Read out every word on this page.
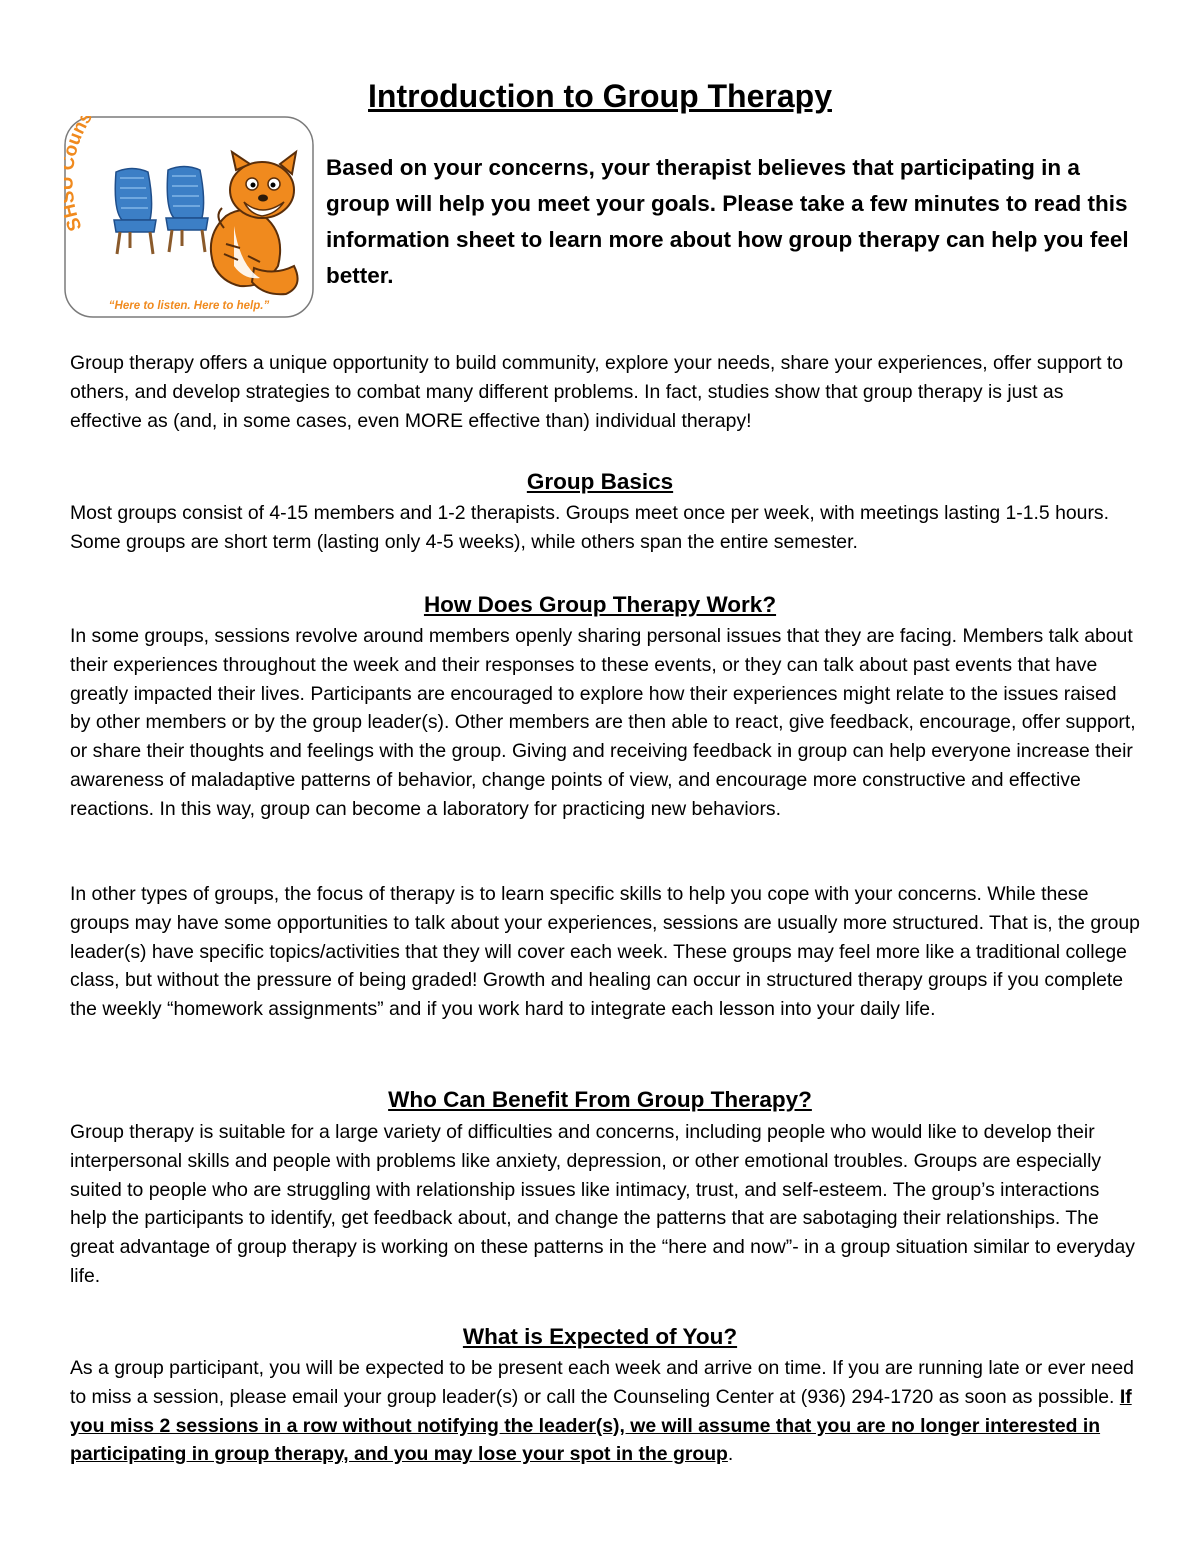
Introduction to Group Therapy
S uns
“Here to listen. Here to help.”

Based on your concerns, your therapist believes that participating in a group will help you meet your goals. Please take a few minutes to read this information sheet to learn more about how group therapy can help you feel better.

Group therapy offers a unique opportunity to build community, explore your needs, share your experiences, offer support to others, and develop strategies to combat many different problems. In fact, studies show that group therapy is just as effective as (and, in some cases, even MORE effective than) individual therapy!

Group Basics

Most groups consist of 4-15 members and 1-2 therapists. Groups meet once per week, with meetings lasting 1-1.5 hours. Some groups are short term (lasting only 4-5 weeks), while others span the entire semester.

How Does Group Therapy Work?

In some groups, sessions revolve around members openly sharing personal issues that they are facing. Members talk about their experiences throughout the week and their responses to these events, or they can talk about past events that have greatly impacted their lives. Participants are encouraged to explore how their experiences might relate to the issues raised by other members or by the group leader(s). Other members are then able to react, give feedback, encourage, offer support, or share their thoughts and feelings with the group. Giving and receiving feedback in group can help everyone increase their awareness of maladaptive patterns of behavior, change points of view, and encourage more constructive and effective reactions. In this way, group can become a laboratory for practicing new behaviors.

In other types of groups, the focus of therapy is to learn specific skills to help you cope with your concerns. While these groups may have some opportunities to talk about your experiences, sessions are usually more structured. That is, the group leader(s) have specific topics/activities that they will cover each week. These groups may feel more like a traditional college class, but without the pressure of being graded! Growth and healing can occur in structured therapy groups if you complete the weekly “homework assignments” and if you work hard to integrate each lesson into your daily life.

Who Can Benefit From Group Therapy?

Group therapy is suitable for a large variety of difficulties and concerns, including people who would like to develop their interpersonal skills and people with problems like anxiety, depression, or other emotional troubles. Groups are especially suited to people who are struggling with relationship issues like intimacy, trust, and self-esteem. The group’s interactions help the participants to identify, get feedback about, and change the patterns that are sabotaging their relationships. The great advantage of group therapy is working on these patterns in the “here and now”- in a group situation similar to everyday life.

What is Expected of You?

As a group participant, you will be expected to be present each week and arrive on time. If you are running late or ever need to miss a session, please email your group leader(s) or call the Counseling Center at (936) 294-1720 as soon as possible. If you miss 2 sessions in a row without notifying the leader(s), we will assume that you are no longer interested in participating in group therapy, and you may lose your spot in the group.
